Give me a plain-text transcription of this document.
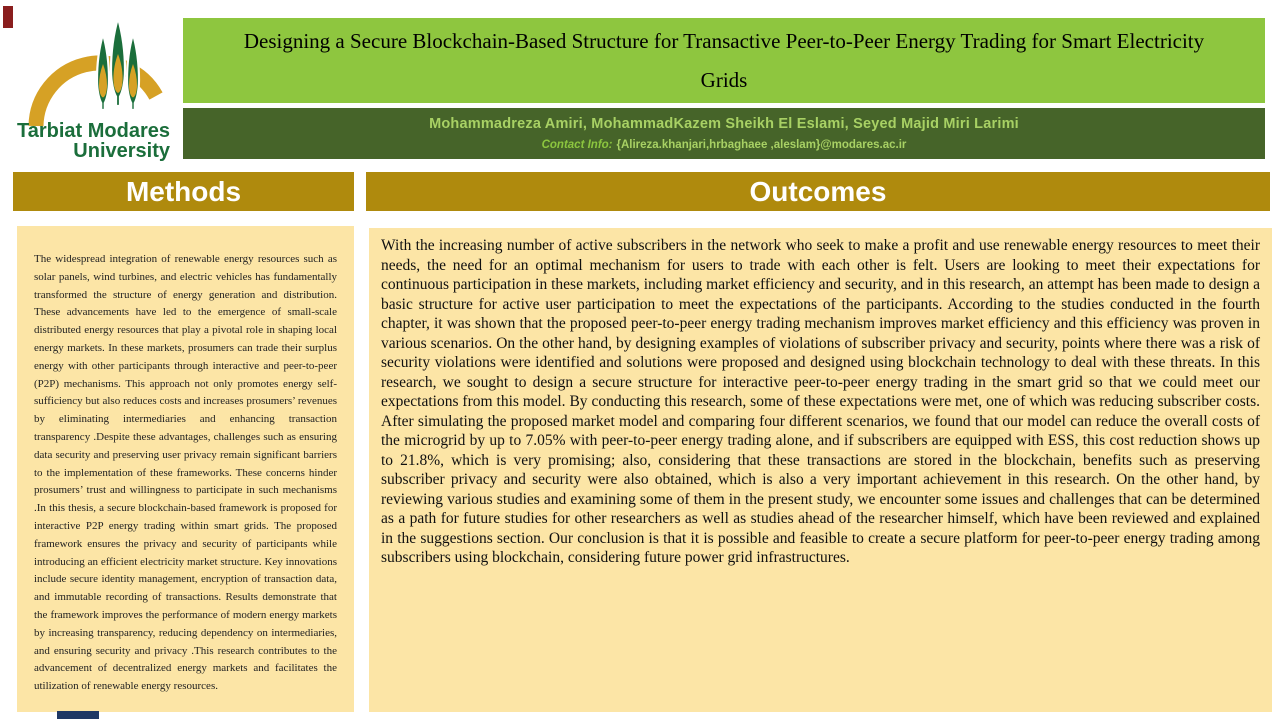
Tarbiat Modares
University
Designing a Secure Blockchain-Based Structure for Transactive Peer-to-Peer Energy Trading for Smart Electricity Grids
Mohammadreza Amiri, MohammadKazem Sheikh El Eslami, Seyed Majid Miri Larimi
Contact Info: {Alireza.khanjari,hrbaghaee ,aleslam}@modares.ac.ir
Methods	Outcomes

The widespread integration of renewable energy resources such as solar panels, wind turbines, and electric vehicles has fundamentally transformed the structure of energy generation and distribution. These advancements have led to the emergence of small-scale distributed energy resources that play a pivotal role in shaping local energy markets. In these markets, prosumers can trade their surplus energy with other participants through interactive and peer-to-peer (P2P) mechanisms. This approach not only promotes energy self-sufficiency but also reduces costs and increases prosumers’ revenues by eliminating intermediaries and enhancing transaction transparency .Despite these advantages, challenges such as ensuring data security and preserving user privacy remain significant barriers to the implementation of these frameworks. These concerns hinder prosumers’ trust and willingness to participate in such mechanisms .In this thesis, a secure blockchain-based framework is proposed for interactive P2P energy trading within smart grids. The proposed framework ensures the privacy and security of participants while introducing an efficient electricity market structure. Key innovations include secure identity management, encryption of transaction data, and immutable recording of transactions. Results demonstrate that the framework improves the performance of modern energy markets by increasing transparency, reducing dependency on intermediaries, and ensuring security and privacy .This research contributes to the advancement of decentralized energy markets and facilitates the utilization of renewable energy resources.

With the increasing number of active subscribers in the network who seek to make a profit and use renewable energy resources to meet their needs, the need for an optimal mechanism for users to trade with each other is felt. Users are looking to meet their expectations for continuous participation in these markets, including market efficiency and security, and in this research, an attempt has been made to design a basic structure for active user participation to meet the expectations of the participants. According to the studies conducted in the fourth chapter, it was shown that the proposed peer-to-peer energy trading mechanism improves market efficiency and this efficiency was proven in various scenarios. On the other hand, by designing examples of violations of subscriber privacy and security, points where there was a risk of security violations were identified and solutions were proposed and designed using blockchain technology to deal with these threats. In this research, we sought to design a secure structure for interactive peer-to-peer energy trading in the smart grid so that we could meet our expectations from this model. By conducting this research, some of these expectations were met, one of which was reducing subscriber costs. After simulating the proposed market model and comparing four different scenarios, we found that our model can reduce the overall costs of the microgrid by up to 7.05% with peer-to-peer energy trading alone, and if subscribers are equipped with ESS, this cost reduction shows up to 21.8%, which is very promising; also, considering that these transactions are stored in the blockchain, benefits such as preserving subscriber privacy and security were also obtained, which is also a very important achievement in this research. On the other hand, by reviewing various studies and examining some of them in the present study, we encounter some issues and challenges that can be determined as a path for future studies for other researchers as well as studies ahead of the researcher himself, which have been reviewed and explained in the suggestions section. Our conclusion is that it is possible and feasible to create a secure platform for peer-to-peer energy trading among subscribers using blockchain, considering future power grid infrastructures.
